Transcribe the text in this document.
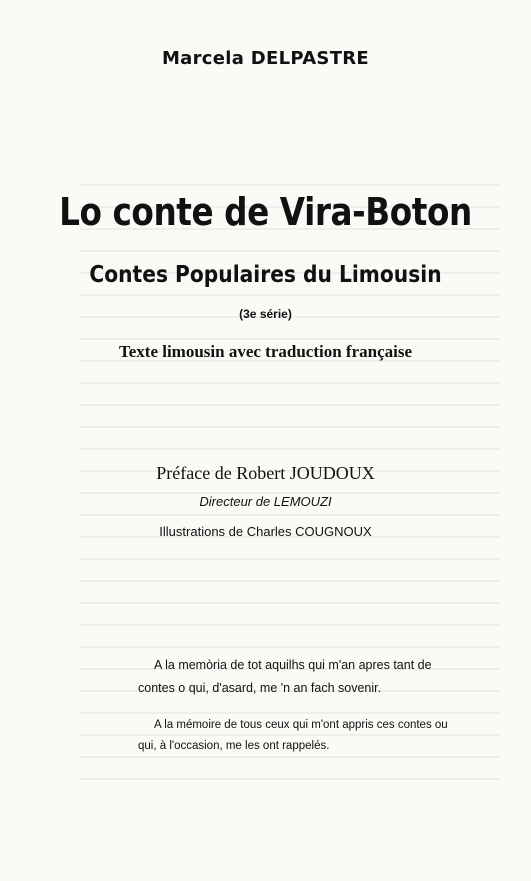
Marcela DELPASTRE
Lo conte de Vira-Boton
Contes Populaires du Limousin
(3e série)
Texte limousin avec traduction française
Préface de Robert JOUDOUX
Directeur de LEMOUZI
Illustrations de Charles COUGNOUX
A la memòria de tot aquilhs qui m'an apres tant de
contes o qui, d'asard, me 'n an fach sovenir.
A la mémoire de tous ceux qui m'ont appris ces contes ou
qui, à l'occasion, me les ont rappelés.
